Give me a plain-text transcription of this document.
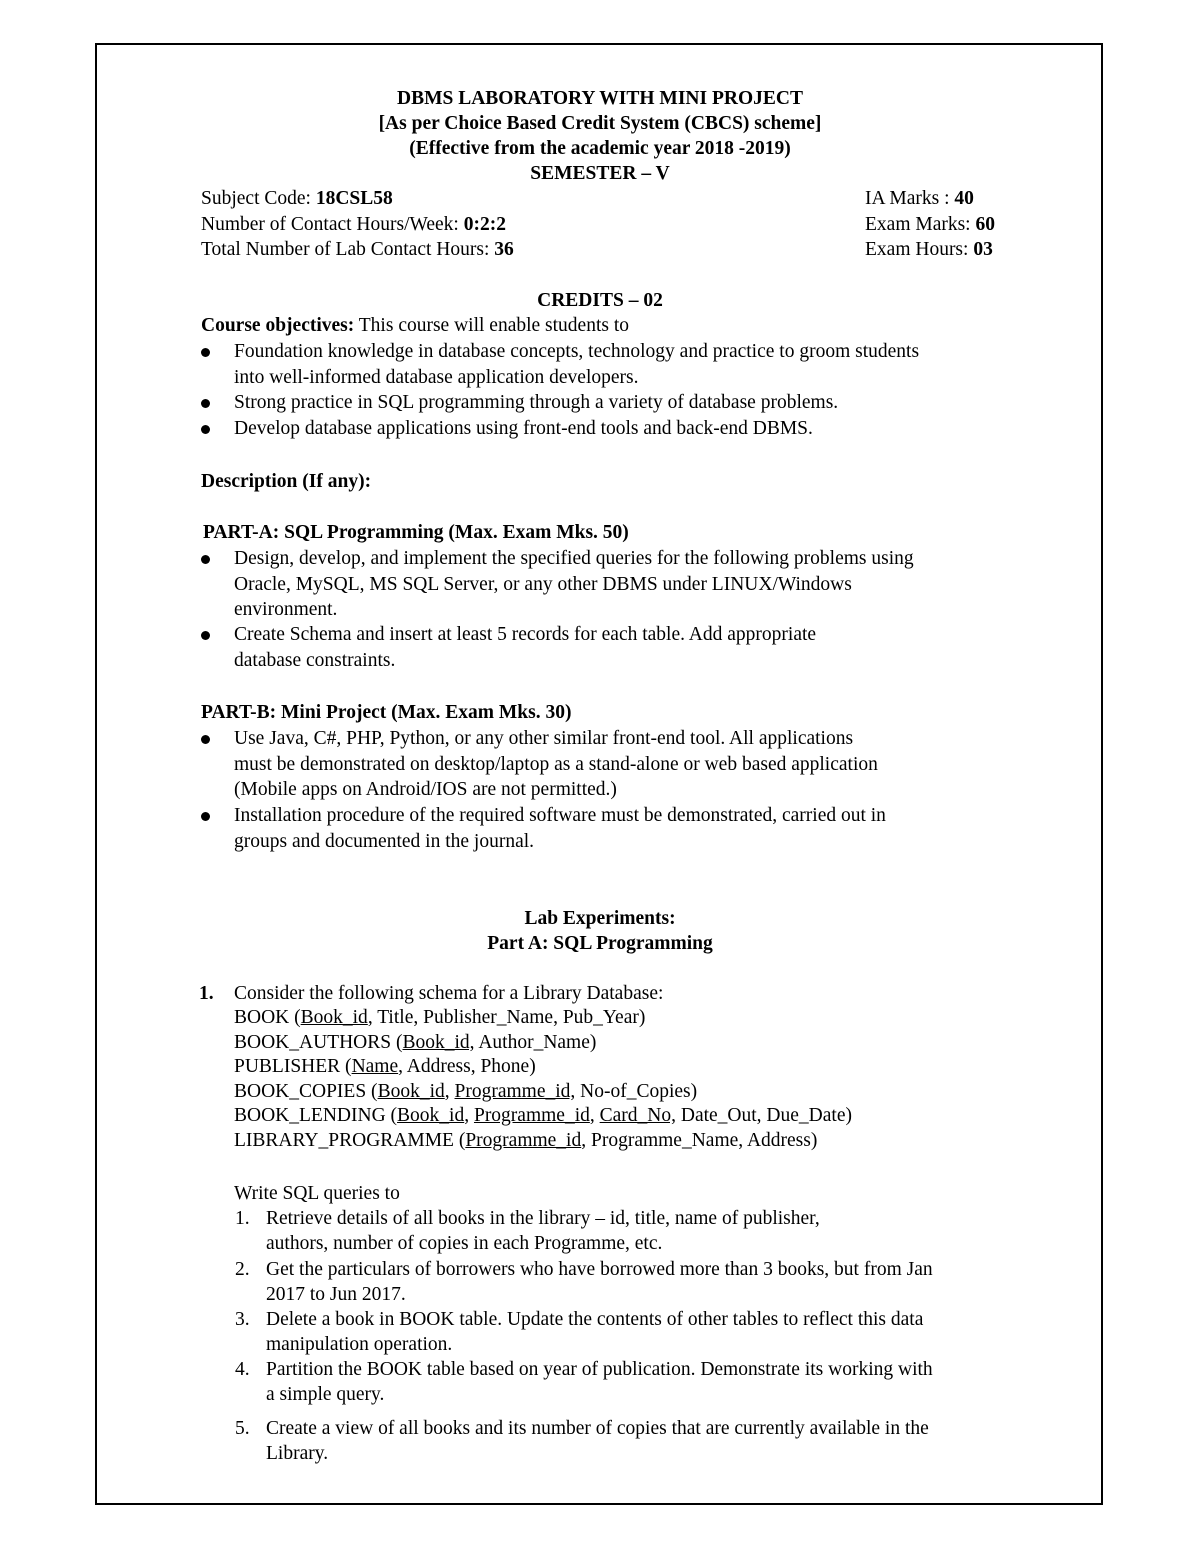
DBMS LABORATORY WITH MINI PROJECT
[As per Choice Based Credit System (CBCS) scheme]
(Effective from the academic year 2018 -2019)
SEMESTER – V
Subject Code: 18CSL58
Number of Contact Hours/Week: 0:2:2
Total Number of Lab Contact Hours: 36
IA Marks : 40
Exam Marks: 60
Exam Hours: 03
CREDITS – 02
Course objectives: This course will enable students to
Foundation knowledge in database concepts, technology and practice to groom students
into well-informed database application developers.
Strong practice in SQL programming through a variety of database problems.
Develop database applications using front-end tools and back-end DBMS.
Description (If any):
PART-A: SQL Programming (Max. Exam Mks. 50)
Design, develop, and implement the specified queries for the following problems using
Oracle, MySQL, MS SQL Server, or any other DBMS under LINUX/Windows
environment.
Create Schema and insert at least 5 records for each table. Add appropriate
database constraints.
PART-B: Mini Project (Max. Exam Mks. 30)
Use Java, C#, PHP, Python, or any other similar front-end tool. All applications
must be demonstrated on desktop/laptop as a stand-alone or web based application
(Mobile apps on Android/IOS are not permitted.)
Installation procedure of the required software must be demonstrated, carried out in
groups and documented in the journal.
Lab Experiments:
Part A: SQL Programming
1. Consider the following schema for a Library Database:
BOOK (Book_id, Title, Publisher_Name, Pub_Year)
BOOK_AUTHORS (Book_id, Author_Name)
PUBLISHER (Name, Address, Phone)
BOOK_COPIES (Book_id, Programme_id, No-of_Copies)
BOOK_LENDING (Book_id, Programme_id, Card_No, Date_Out, Due_Date)
LIBRARY_PROGRAMME (Programme_id, Programme_Name, Address)
Write SQL queries to
1. Retrieve details of all books in the library – id, title, name of publisher,
authors, number of copies in each Programme, etc.
2. Get the particulars of borrowers who have borrowed more than 3 books, but from Jan
2017 to Jun 2017.
3. Delete a book in BOOK table. Update the contents of other tables to reflect this data
manipulation operation.
4. Partition the BOOK table based on year of publication. Demonstrate its working with
a simple query.
5. Create a view of all books and its number of copies that are currently available in the
Library.
